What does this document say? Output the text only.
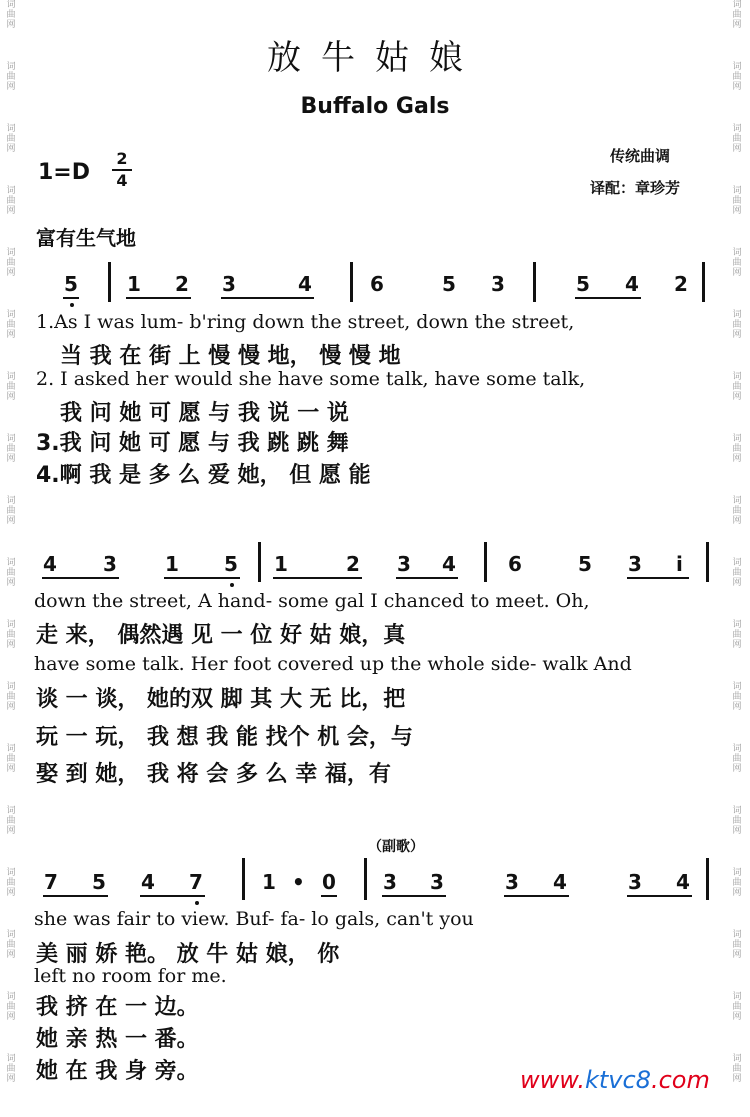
词曲网
词曲网
词曲网
词曲网
词曲网
词曲网
词曲网
词曲网
词曲网
词曲网
词曲网
词曲网
词曲网
词曲网
词曲网
词曲网
词曲网
词曲网
词曲网
词曲网
词曲网
词曲网
词曲网
词曲网
词曲网
词曲网
词曲网
词曲网
词曲网
词曲网
词曲网
词曲网
词曲网
词曲网
词曲网
词曲网
放牛姑娘
Buffalo Gals
1=D
2
4
传统曲调
译配：章珍芳
富有生气地
5 1 2 3	4	6	5 3	5 4 2
1.As I was lum- b'ring down the street, down the street,
当 我 在 街 上 慢 慢 地， 慢 慢 地
2. I asked her would she have some talk, have some talk,
我 问 她 可 愿 与 我 说 一 说
3.我 问 她 可 愿 与 我 跳 跳 舞
4.啊 我 是 多 么 爱 她， 但 愿 能
4 3 1 5 1	2 3 4	6	5 3 i
down the street, A hand- some gal I chanced to meet. Oh,
走 来， 偶然遇 见 一 位 好 姑 娘，真
have some talk. Her foot covered up the whole side- walk And
谈 一 谈， 她的双 脚 其 大 无 比，把
玩 一 玩， 我 想 我 能 找个 机 会，与
娶 到 她， 我 将 会 多 么 幸 福，有
（副歌）
7 5 4 7	1 • 0 3 3	3 4	3 4
she was fair to view. Buf- fa- lo gals, can't you
美 丽 娇 艳。 放 牛 姑 娘， 你
left no room for me.
我 挤 在 一 边。
她 亲 热 一 番。
她 在 我 身 旁。	www.ktvc8.com
